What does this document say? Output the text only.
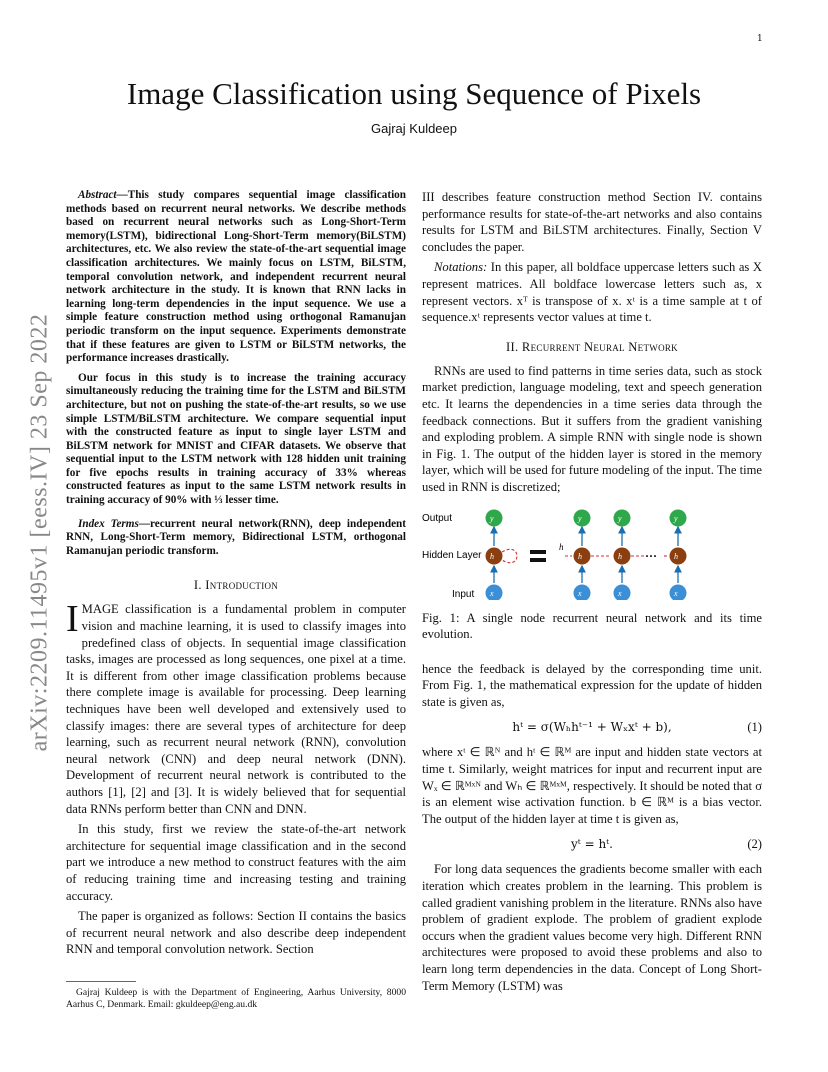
1
arXiv:2209.11495v1 [eess.IV] 23 Sep 2022
Image Classification using Sequence of Pixels
Gajraj Kuldeep

Abstract—This study compares sequential image classification methods based on recurrent neural networks. We describe methods based on recurrent neural networks such as Long-Short-Term memory(LSTM), bidirectional Long-Short-Term memory(BiLSTM) architectures, etc. We also review the state-of-the-art sequential image classification architectures. We mainly focus on LSTM, BiLSTM, temporal convolution network, and independent recurrent neural network architecture in the study. It is known that RNN lacks in learning long-term dependencies in the input sequence. We use a simple feature construction method using orthogonal Ramanujan periodic transform on the input sequence. Experiments demonstrate that if these features are given to LSTM or BiLSTM networks, the performance increases drastically.

Our focus in this study is to increase the training accuracy simultaneously reducing the training time for the LSTM and BiLSTM architecture, but not on pushing the state-of-the-art results, so we use simple LSTM/BiLSTM architecture. We compare sequential input with the constructed feature as input to single layer LSTM and BiLSTM network for MNIST and CIFAR datasets. We observe that sequential input to the LSTM network with 128 hidden unit training for five epochs results in training accuracy of 33% whereas constructed features as input to the same LSTM network results in training accuracy of 90% with ⅓ lesser time.

Index Terms—recurrent neural network(RNN), deep independent RNN, Long-Short-Term memory, Bidirectional LSTM, orthogonal Ramanujan periodic transform.

I. Introduction

IMAGE classification is a fundamental problem in computer vision and machine learning, it is used to classify images into predefined class of objects. In sequential image classification tasks, images are processed as long sequences, one pixel at a time. It is different from other image classification problems because there complete image is available for processing. Deep learning techniques have been well developed and extensively used to classify images: there are several types of architecture for deep learning, such as recurrent neural network (RNN), convolution neural network (CNN) and deep neural network (DNN). Development of recurrent neural network is contributed to the authors [1], [2] and [3]. It is widely believed that for sequential data RNNs perform better than CNN and DNN.

In this study, first we review the state-of-the-art network architecture for sequential image classification and in the second part we introduce a new method to construct features with the aim of reducing training time and increasing testing and training accuracy.

The paper is organized as follows: Section II contains the basics of recurrent neural network and also describe deep independent RNN and temporal convolution network. Section

Gajraj Kuldeep is with the Department of Engineering, Aarhus University, 8000 Aarhus C, Denmark. Email: gkuldeep@eng.au.dk

III describes feature construction method Section IV. contains performance results for state-of-the-art networks and also contains results for LSTM and BiLSTM architectures. Finally, Section V concludes the paper.

Notations: In this paper, all boldface uppercase letters such as X represent matrices. All boldface lowercase letters such as, x represent vectors. xᵀ is transpose of x. xᵗ is a time sample at t of sequence.xᵗ represents vector values at time t.

II. Recurrent Neural Network

RNNs are used to find patterns in time series data, such as stock market prediction, language modeling, text and speech generation etc. It learns the dependencies in a time series data through the feedback connections. But it suffers from the gradient vanishing and exploding problem. A simple RNN with single node is shown in Fig. 1. The output of the hidden layer is stored in the memory layer, which will be used for future modeling of the input. The time used in RNN is discretized;

Output
Hidden Layer
Input
y
h
x
h
y
h
x
y
h
x
···
y
h
x

Fig. 1: A single node recurrent neural network and its time evolution.

hence the feedback is delayed by the corresponding time unit. From Fig. 1, the mathematical expression for the update of hidden state is given as,

hᵗ = σ(Wₕhᵗ⁻¹ + Wₓxᵗ + b),	(1)

where xᵗ ∈ ℝᴺ and hᵗ ∈ ℝᴹ are input and hidden state vectors at time t. Similarly, weight matrices for input and recurrent input are Wₓ ∈ ℝᴹˣᴺ and Wₕ ∈ ℝᴹˣᴹ, respectively. It should be noted that σ is an element wise activation function. b ∈ ℝᴹ is a bias vector. The output of the hidden layer at time t is given as,

yᵗ = hᵗ.	(2)

For long data sequences the gradients become smaller with each iteration which creates problem in the learning. This problem is called gradient vanishing problem in the literature. RNNs also have problem of gradient explode. The problem of gradient explode occurs when the gradient values become very high. Different RNN architectures were proposed to avoid these problems and also to learn long term dependencies in the data. Concept of Long Short-Term Memory (LSTM) was
